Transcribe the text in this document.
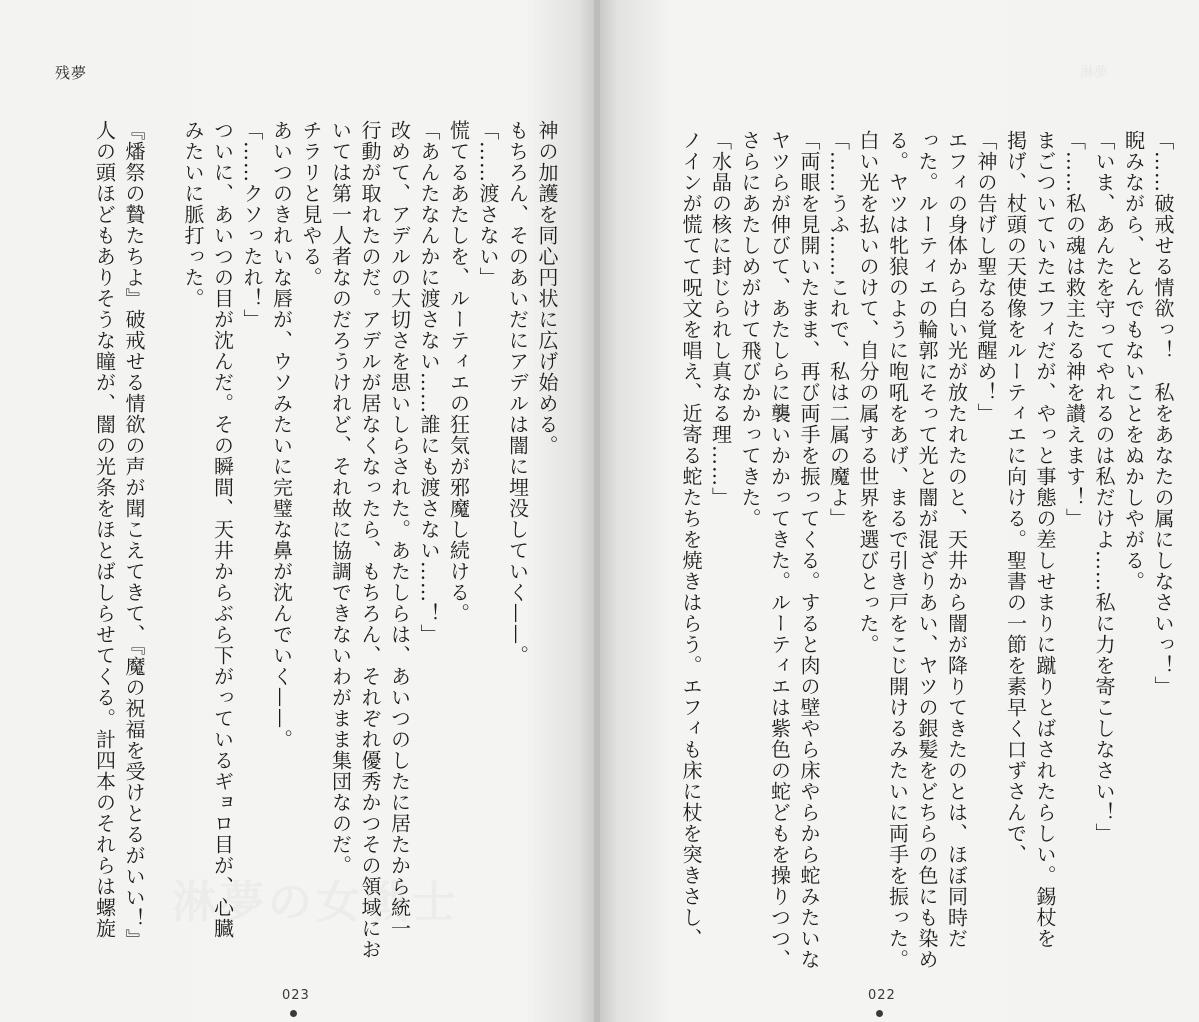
残夢
淋夢の女戦士

神の加護を同心円状に広げ始める。

もちろん、そのあいだにアデルは闇に埋没していく——。

「……渡さない」

慌てるあたしを、ルーティエの狂気が邪魔し続ける。

「あんたなんかに渡さない……誰にも渡さない……！」

改めて、アデルの大切さを思いしらされた。あたしらは、あいつのしたに居たから統一

行動が取れたのだ。アデルが居なくなったら、もちろん、それぞれ優秀かつその領域にお

いては第一人者なのだろうけれど、それ故に協調できないわがまま集団なのだ。

チラリと見やる。

あいつのきれいな唇が、ウソみたいに完璧な鼻が沈んでいく——。

「……クソったれ！」

ついに、あいつの目が沈んだ。その瞬間、天井からぶら下がっているギョロ目が、心臓

みたいに脈打った。

『燔祭の贄たちよ』破戒せる情欲の声が聞こえてきて、『魔の祝福を受けとるがいい！』

人の頭ほどもありそうな瞳が、闇の光条をほとばしらせてくる。計四本のそれらは螺旋

023

「……破戒せる情欲っ！　私をあなたの属にしなさいっ！」

睨みながら、とんでもないことをぬかしやがる。

「いま、あんたを守ってやれるのは私だけよ……私に力を寄こしなさい！」

「……私の魂は救主たる神を讃えます！」

まごついていたエフィだが、やっと事態の差しせまりに蹴りとばされたらしい。錫杖を

掲げ、杖頭の天使像をルーティエに向ける。聖書の一節を素早く口ずさんで、

「神の告げし聖なる覚醒め！」

エフィの身体から白い光が放たれたのと、天井から闇が降りてきたのとは、ほぼ同時だ

った。ルーティエの輪郭にそって光と闇が混ざりあい、ヤツの銀髪をどちらの色にも染め

る。ヤツは牝狼のように咆吼をあげ、まるで引き戸をこじ開けるみたいに両手を振った。

白い光を払いのけて、自分の属する世界を選びとった。

「……うふ……これで、私は二属の魔よ」

「両眼を見開いたまま、再び両手を振ってくる。すると肉の壁やら床やらから蛇みたいな

ヤツらが伸びて、あたしらに襲いかかってきた。ルーティエは紫色の蛇どもを操りつつ、

さらにあたしめがけて飛びかかってきた。

「水晶の核に封じられし真なる理……」

ノインが慌てて呪文を唱え、近寄る蛇たちを焼きはらう。エフィも床に杖を突きさし、

022
淋夢
